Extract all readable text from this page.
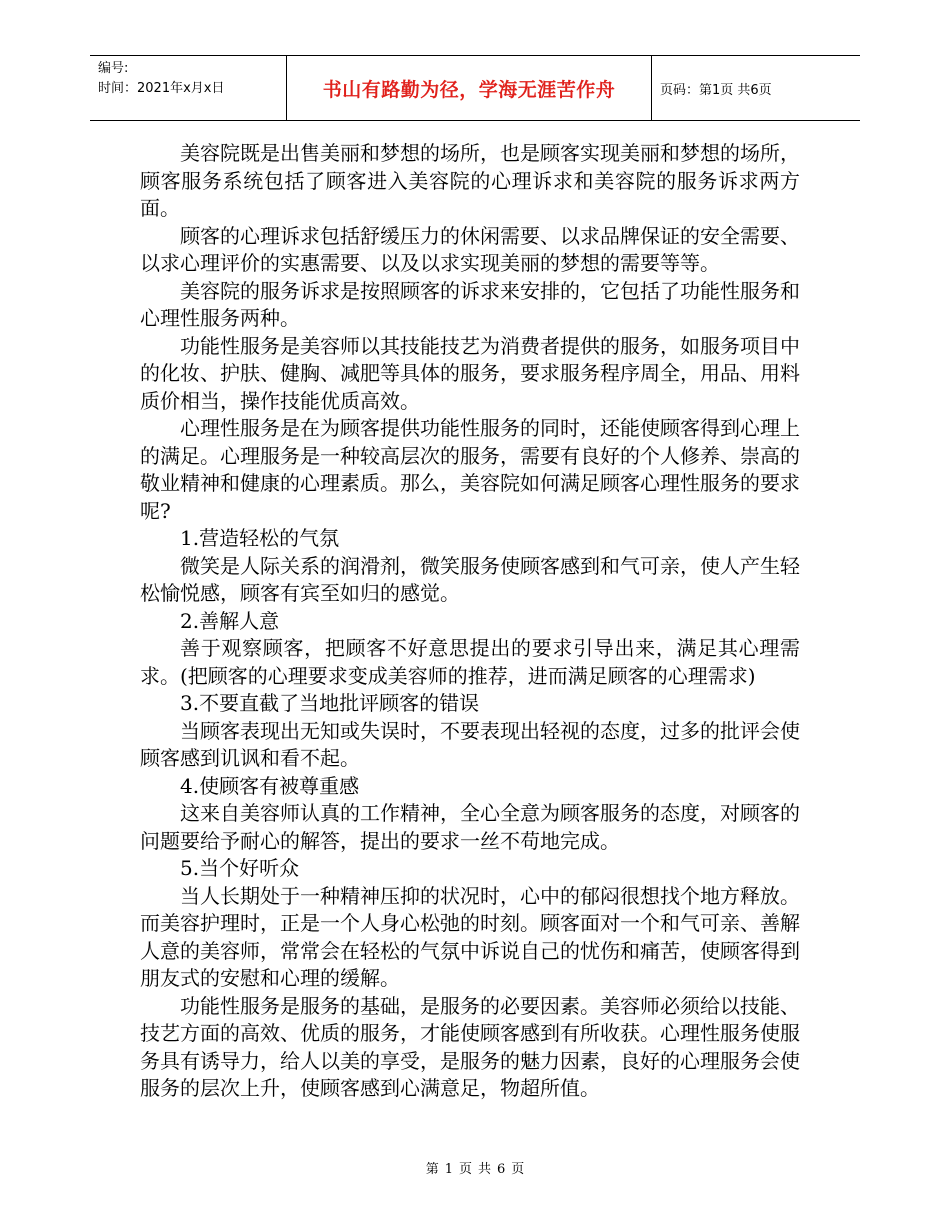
编号:
时间：2021年x月x日	书山有路勤为径，学海无涯苦作舟	页码：第1页 共6页

美容院既是出售美丽和梦想的场所，也是顾客实现美丽和梦想的场所，顾客服务系统包括了顾客进入美容院的心理诉求和美容院的服务诉求两方面。

顾客的心理诉求包括舒缓压力的休闲需要、以求品牌保证的安全需要、以求心理评价的实惠需要、以及以求实现美丽的梦想的需要等等。

美容院的服务诉求是按照顾客的诉求来安排的，它包括了功能性服务和心理性服务两种。

功能性服务是美容师以其技能技艺为消费者提供的服务，如服务项目中的化妆、护肤、健胸、减肥等具体的服务，要求服务程序周全，用品、用料质价相当，操作技能优质高效。

心理性服务是在为顾客提供功能性服务的同时，还能使顾客得到心理上的满足。心理服务是一种较高层次的服务，需要有良好的个人修养、崇高的敬业精神和健康的心理素质。那么，美容院如何满足顾客心理性服务的要求呢?

1.营造轻松的气氛

微笑是人际关系的润滑剂，微笑服务使顾客感到和气可亲，使人产生轻松愉悦感，顾客有宾至如归的感觉。

2.善解人意

善于观察顾客，把顾客不好意思提出的要求引导出来，满足其心理需求。(把顾客的心理要求变成美容师的推荐，进而满足顾客的心理需求)

3.不要直截了当地批评顾客的错误

当顾客表现出无知或失误时，不要表现出轻视的态度，过多的批评会使顾客感到讥讽和看不起。

4.使顾客有被尊重感

这来自美容师认真的工作精神，全心全意为顾客服务的态度，对顾客的问题要给予耐心的解答，提出的要求一丝不苟地完成。

5.当个好听众

当人长期处于一种精神压抑的状况时，心中的郁闷很想找个地方释放。而美容护理时，正是一个人身心松弛的时刻。顾客面对一个和气可亲、善解人意的美容师，常常会在轻松的气氛中诉说自己的忧伤和痛苦，使顾客得到朋友式的安慰和心理的缓解。

功能性服务是服务的基础，是服务的必要因素。美容师必须给以技能、技艺方面的高效、优质的服务，才能使顾客感到有所收获。心理性服务使服务具有诱导力，给人以美的享受，是服务的魅力因素，良好的心理服务会使服务的层次上升，使顾客感到心满意足，物超所值。

第 1 页 共 6 页
